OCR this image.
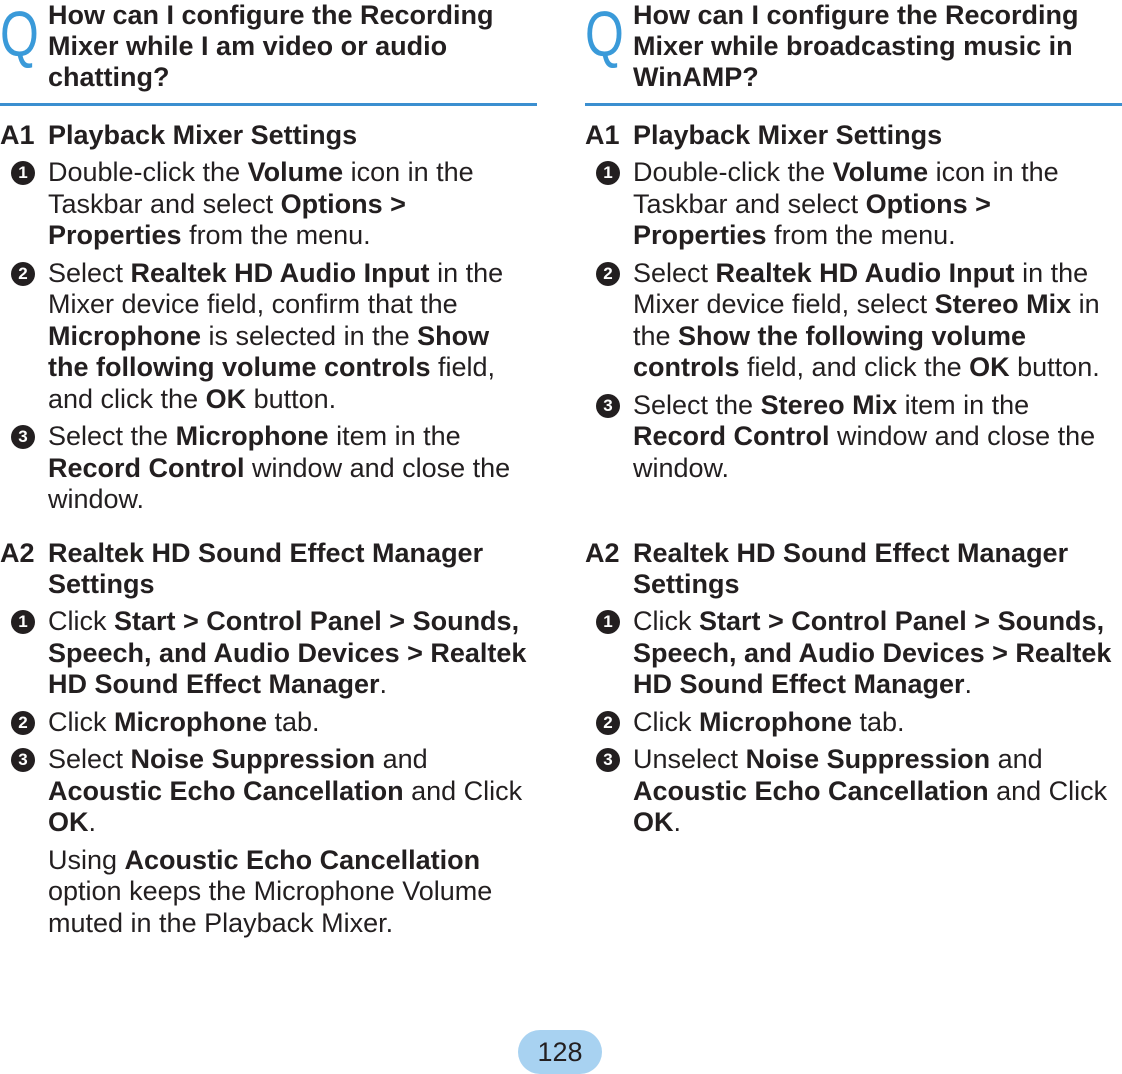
Q How can I configure the Recording Mixer while I am video or audio chatting?
A1 Playback Mixer Settings
1 Double-click the Volume icon in the Taskbar and select Options > Properties from the menu.
2 Select Realtek HD Audio Input in the Mixer device field, confirm that the Microphone is selected in the Show the following volume controls field, and click the OK button.
3 Select the Microphone item in the Record Control window and close the window.
A2 Realtek HD Sound Effect Manager Settings
1 Click Start > Control Panel > Sounds, Speech, and Audio Devices > Realtek HD Sound Effect Manager.
2 Click Microphone tab.
3 Select Noise Suppression and Acoustic Echo Cancellation and Click OK.
Using Acoustic Echo Cancellation option keeps the Microphone Volume muted in the Playback Mixer.
Q How can I configure the Recording Mixer while broadcasting music in WinAMP?
A1 Playback Mixer Settings
1 Double-click the Volume icon in the Taskbar and select Options > Properties from the menu.
2 Select Realtek HD Audio Input in the Mixer device field, select Stereo Mix in the Show the following volume controls field, and click the OK button.
3 Select the Stereo Mix item in the Record Control window and close the window.
A2 Realtek HD Sound Effect Manager Settings
1 Click Start > Control Panel > Sounds, Speech, and Audio Devices > Realtek HD Sound Effect Manager.
2 Click Microphone tab.
3 Unselect Noise Suppression and Acoustic Echo Cancellation and Click OK.
128
